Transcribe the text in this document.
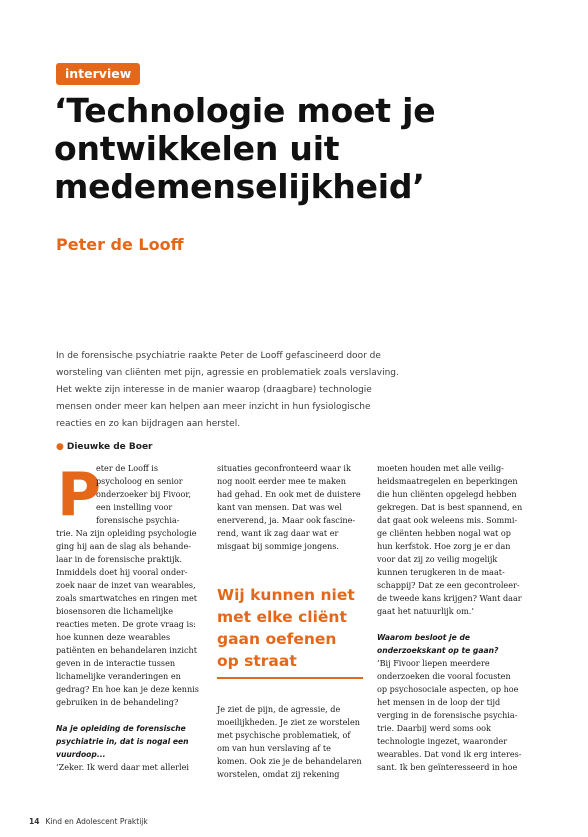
interview
‘Technologie moet je
ontwikkelen uit
medemenselijkheid’
Peter de Looff
In de forensische psychiatrie raakte Peter de Looff gefascineerd door de
worsteling van cliënten met pijn, agressie en problematiek zoals verslaving.
Het wekte zijn interesse in de manier waarop (draagbare) technologie
mensen onder meer kan helpen aan meer inzicht in hun fysiologische
reacties en zo kan bijdragen aan herstel.
● Dieuwke de Boer
P
eter de Looff is
psycholoog en senior
onderzoeker bij Fivoor,
een instelling voor
forensische psychia-
trie. Na zijn opleiding psychologie
ging hij aan de slag als behande-
laar in de forensische praktijk.
Inmiddels doet hij vooral onder-
zoek naar de inzet van wearables,
zoals smartwatches en ringen met
biosensoren die lichamelijke
reacties meten. De grote vraag is:
hoe kunnen deze wearables
patiënten en behandelaren inzicht
geven in de interactie tussen
lichamelijke veranderingen en
gedrag? En hoe kan je deze kennis
gebruiken in de behandeling?
Na je opleiding de forensische
psychiatrie in, dat is nogal een
vuurdoop...
‘Zeker. Ik werd daar met allerlei
situaties geconfronteerd waar ik
nog nooit eerder mee te maken
had gehad. En ook met de duistere
kant van mensen. Dat was wel
enerverend, ja. Maar ook fascine-
rend, want ik zag daar wat er
misgaat bij sommige jongens.
Wij kunnen niet
met elke cliënt
gaan oefenen
op straat
Je ziet de pijn, de agressie, de
moeilijkheden. Je ziet ze worstelen
met psychische problematiek, of
om van hun verslaving af te
komen. Ook zie je de behandelaren
worstelen, omdat zij rekening
moeten houden met alle veilig-
heidsmaatregelen en beperkingen
die hun cliënten opgelegd hebben
gekregen. Dat is best spannend, en
dat gaat ook weleens mis. Sommi-
ge cliënten hebben nogal wat op
hun kerfstok. Hoe zorg je er dan
voor dat zij zo veilig mogelijk
kunnen terugkeren in de maat-
schappij? Dat ze een gecontroleer-
de tweede kans krijgen? Want daar
gaat het natuurlijk om.’
Waarom besloot je de
onderzoekskant op te gaan?
‘Bij Fivoor liepen meerdere
onderzoeken die vooral focusten
op psychosociale aspecten, op hoe
het mensen in de loop der tijd
verging in de forensische psychia-
trie. Daarbij werd soms ook
technologie ingezet, waaronder
wearables. Dat vond ik erg interes-
sant. Ik ben geïnteresseerd in hoe
14 Kind en Adolescent Praktijk
